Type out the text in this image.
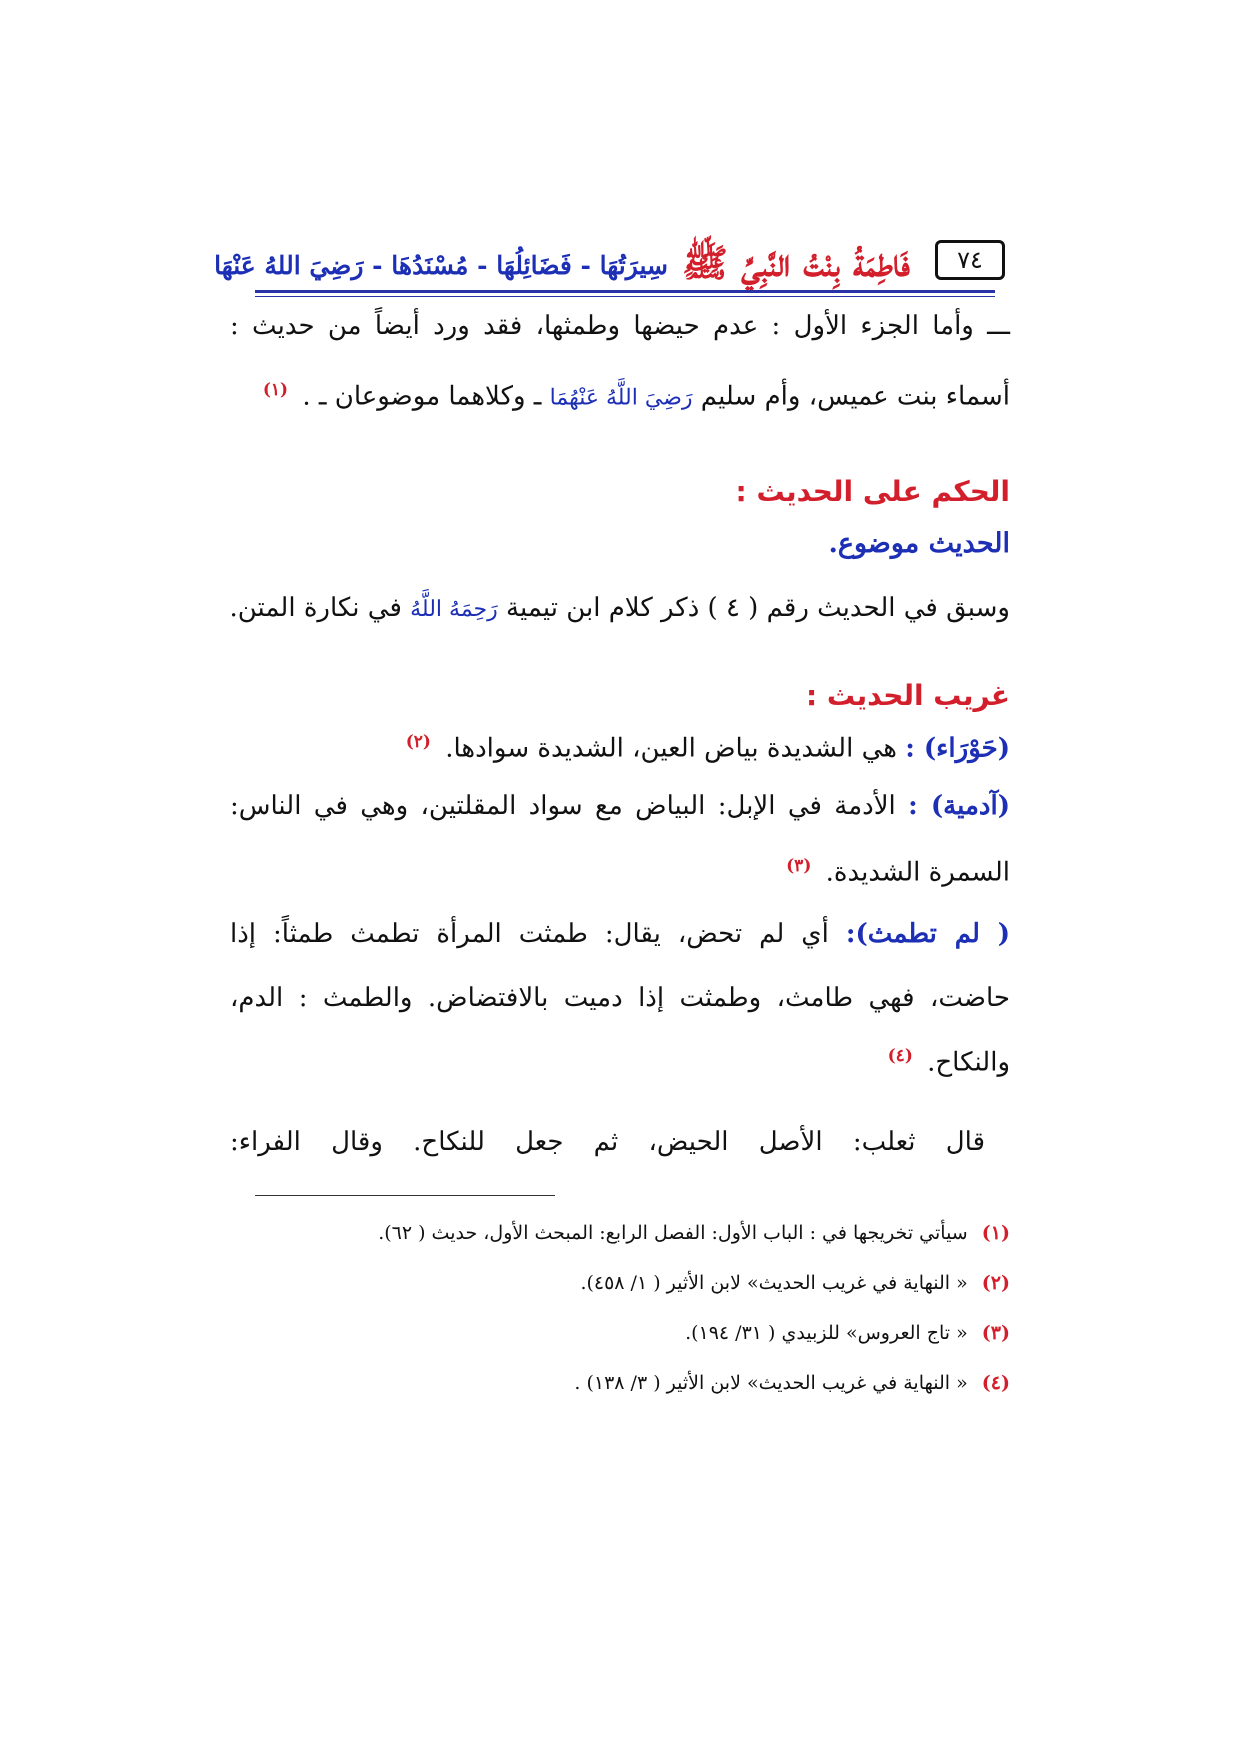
٧٤
فَاطِمَةُ بِنْتُ النَّبِيِّ ﷺ
سِيرَتُهَا - فَضَائِلُهَا - مُسْنَدُهَا - رَضِيَ اللهُ عَنْهَا
ـــ وأما الجزء الأول : عدم حيضها وطمثها، فقد ورد أيضاً من حديث :
أسماء بنت عميس، وأم سليم رَضِيَ اللَّهُ عَنْهُمَا ـ وكلاهما موضوعان ـ . $^{(١)}$
الحكم على الحديث :
الحديث موضوع.
وسبق في الحديث رقم ( ٤ ) ذكر كلام ابن تيمية رَحِمَهُ اللَّهُ في نكارة المتن.
غريب الحديث :
(حَوْرَاء) : هي الشديدة بياض العين، الشديدة سوادها. $^{(٢)}$
(آدمية) : الأدمة في الإبل: البياض مع سواد المقلتين، وهي في الناس:
السمرة الشديدة. $^{(٣)}$
( لم تطمث): أي لم تحض، يقال: طمثت المرأة تطمث طمثاً: إذا
حاضت، فهي طامث، وطمثت إذا دميت بالافتضاض. والطمث : الدم،
والنكاح. $^{(٤)}$
قال ثعلب: الأصل الحيض، ثم جعل للنكاح. وقال الفراء:
(١) سيأتي تخريجها في : الباب الأول: الفصل الرابع: المبحث الأول، حديث ( ٦٢).
(٢) « النهاية في غريب الحديث» لابن الأثير ( ١/ ٤٥٨).
(٣) « تاج العروس» للزبيدي ( ٣١/ ١٩٤).
(٤) « النهاية في غريب الحديث» لابن الأثير ( ٣/ ١٣٨) .
